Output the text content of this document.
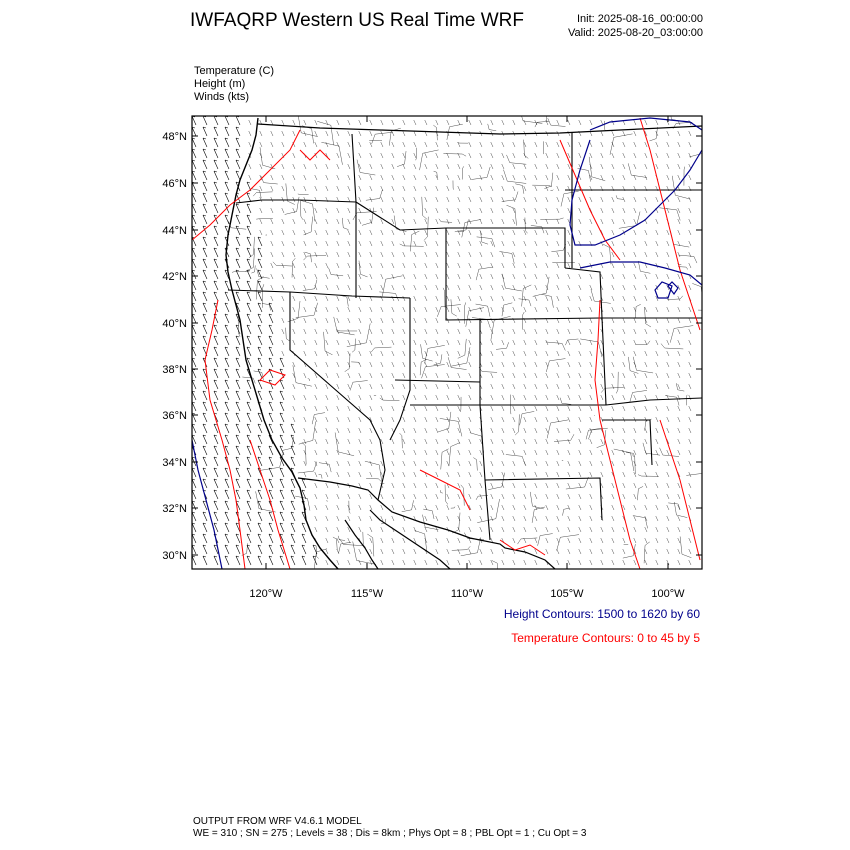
IWFAQRP Western US Real Time WRF	Init: 2025-08-16_00:00:00
Valid: 2025-08-20_03:00:00
Temperature (C)
Height (m)
Winds (kts)
48°N
46°N
44°N
42°N
40°N
38°N
36°N
34°N
32°N
30°N
120°W	115°W	110°W	105°W	100°W
Height Contours: 1500 to 1620 by 60
Temperature Contours: 0 to 45 by 5
OUTPUT FROM WRF V4.6.1 MODEL
WE = 310 ; SN = 275 ; Levels = 38 ; Dis = 8km ; Phys Opt = 8 ; PBL Opt = 1 ; Cu Opt = 3
